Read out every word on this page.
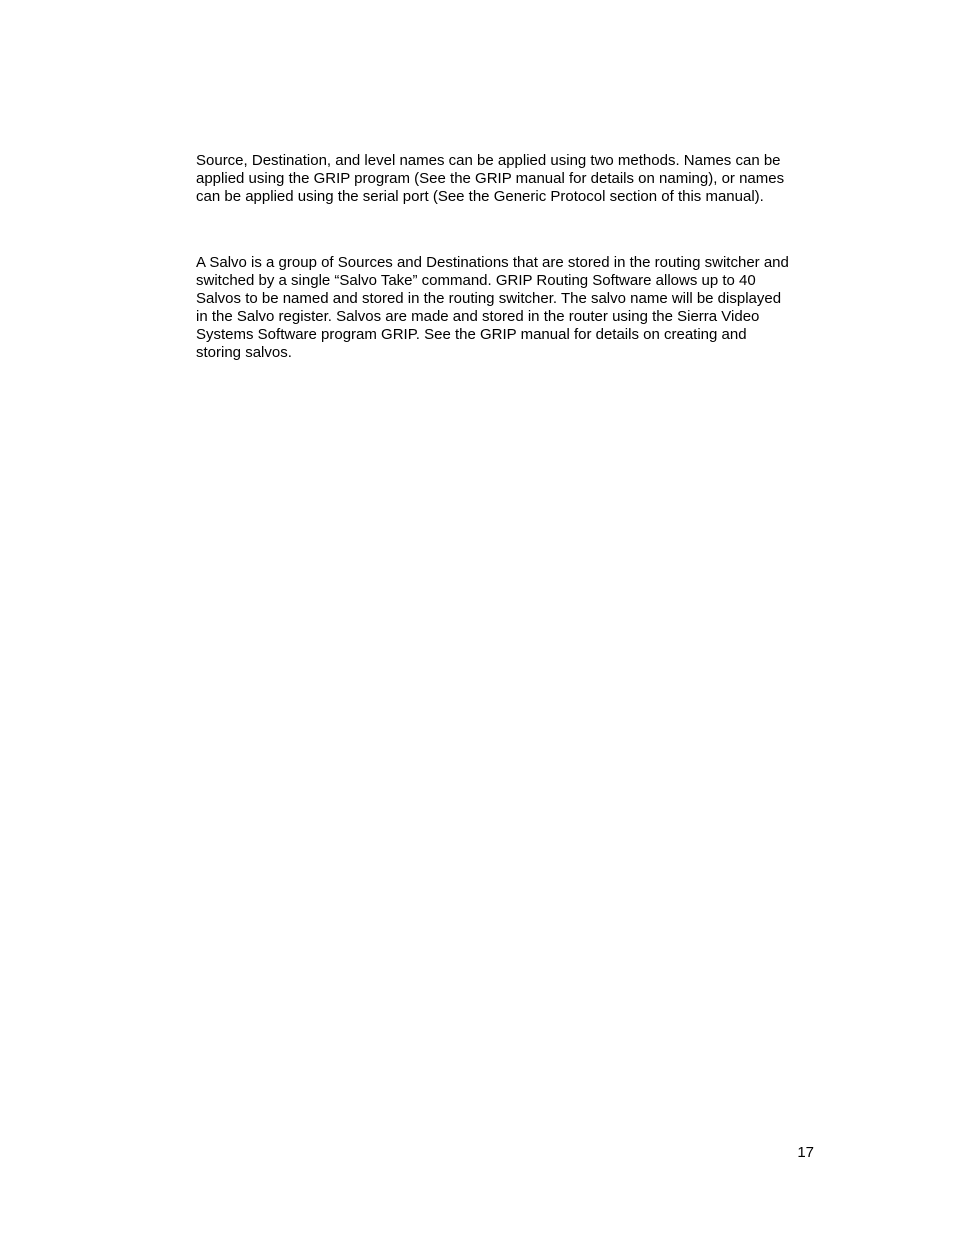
Source, Destination, and level names can be applied using two methods. Names can be
applied using the GRIP program (See the GRIP manual for details on naming), or names
can be applied using the serial port (See the Generic Protocol section of this manual).

A Salvo is a group of Sources and Destinations that are stored in the routing switcher and
switched by a single “Salvo Take” command. GRIP Routing Software allows up to 40
Salvos to be named and stored in the routing switcher. The salvo name will be displayed
in the Salvo register. Salvos are made and stored in the router using the Sierra Video
Systems Software program GRIP. See the GRIP manual for details on creating and
storing salvos.

17
